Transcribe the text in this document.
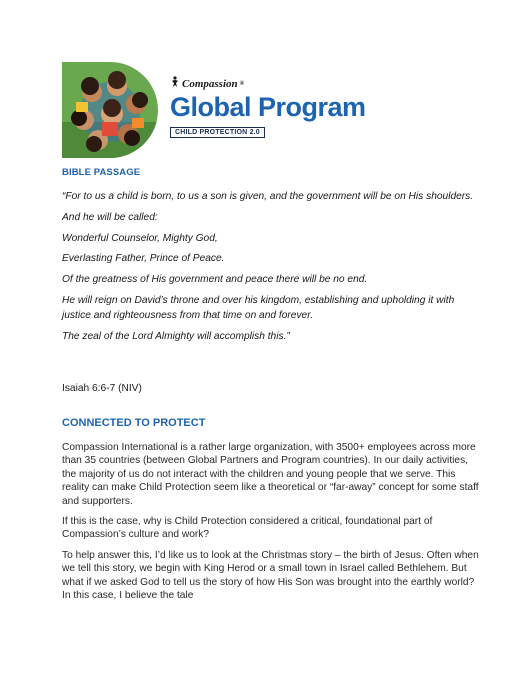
Compassion ®
Global Program
CHILD PROTECTION 2.0
BIBLE PASSAGE

“For to us a child is born, to us a son is given, and the government will be on His shoulders.

And he will be called:

Wonderful Counselor, Mighty God,

Everlasting Father, Prince of Peace.

Of the greatness of His government and peace there will be no end.

He will reign on David’s throne and over his kingdom, establishing and upholding it with justice and righteousness from that time on and forever.

The zeal of the Lord Almighty will accomplish this.”

Isaiah 6:6-7 (NIV)
CONNECTED TO PROTECT

Compassion International is a rather large organization, with 3500+ employees across more than 35 countries (between Global Partners and Program countries). In our daily activities, the majority of us do not interact with the children and young people that we serve. This reality can make Child Protection seem like a theoretical or “far-away” concept for some staff and supporters.

If this is the case, why is Child Protection considered a critical, foundational part of Compassion’s culture and work?

To help answer this, I’d like us to look at the Christmas story – the birth of Jesus. Often when we tell this story, we begin with King Herod or a small town in Israel called Bethlehem. But what if we asked God to tell us the story of how His Son was brought into the earthly world? In this case, I believe the tale
